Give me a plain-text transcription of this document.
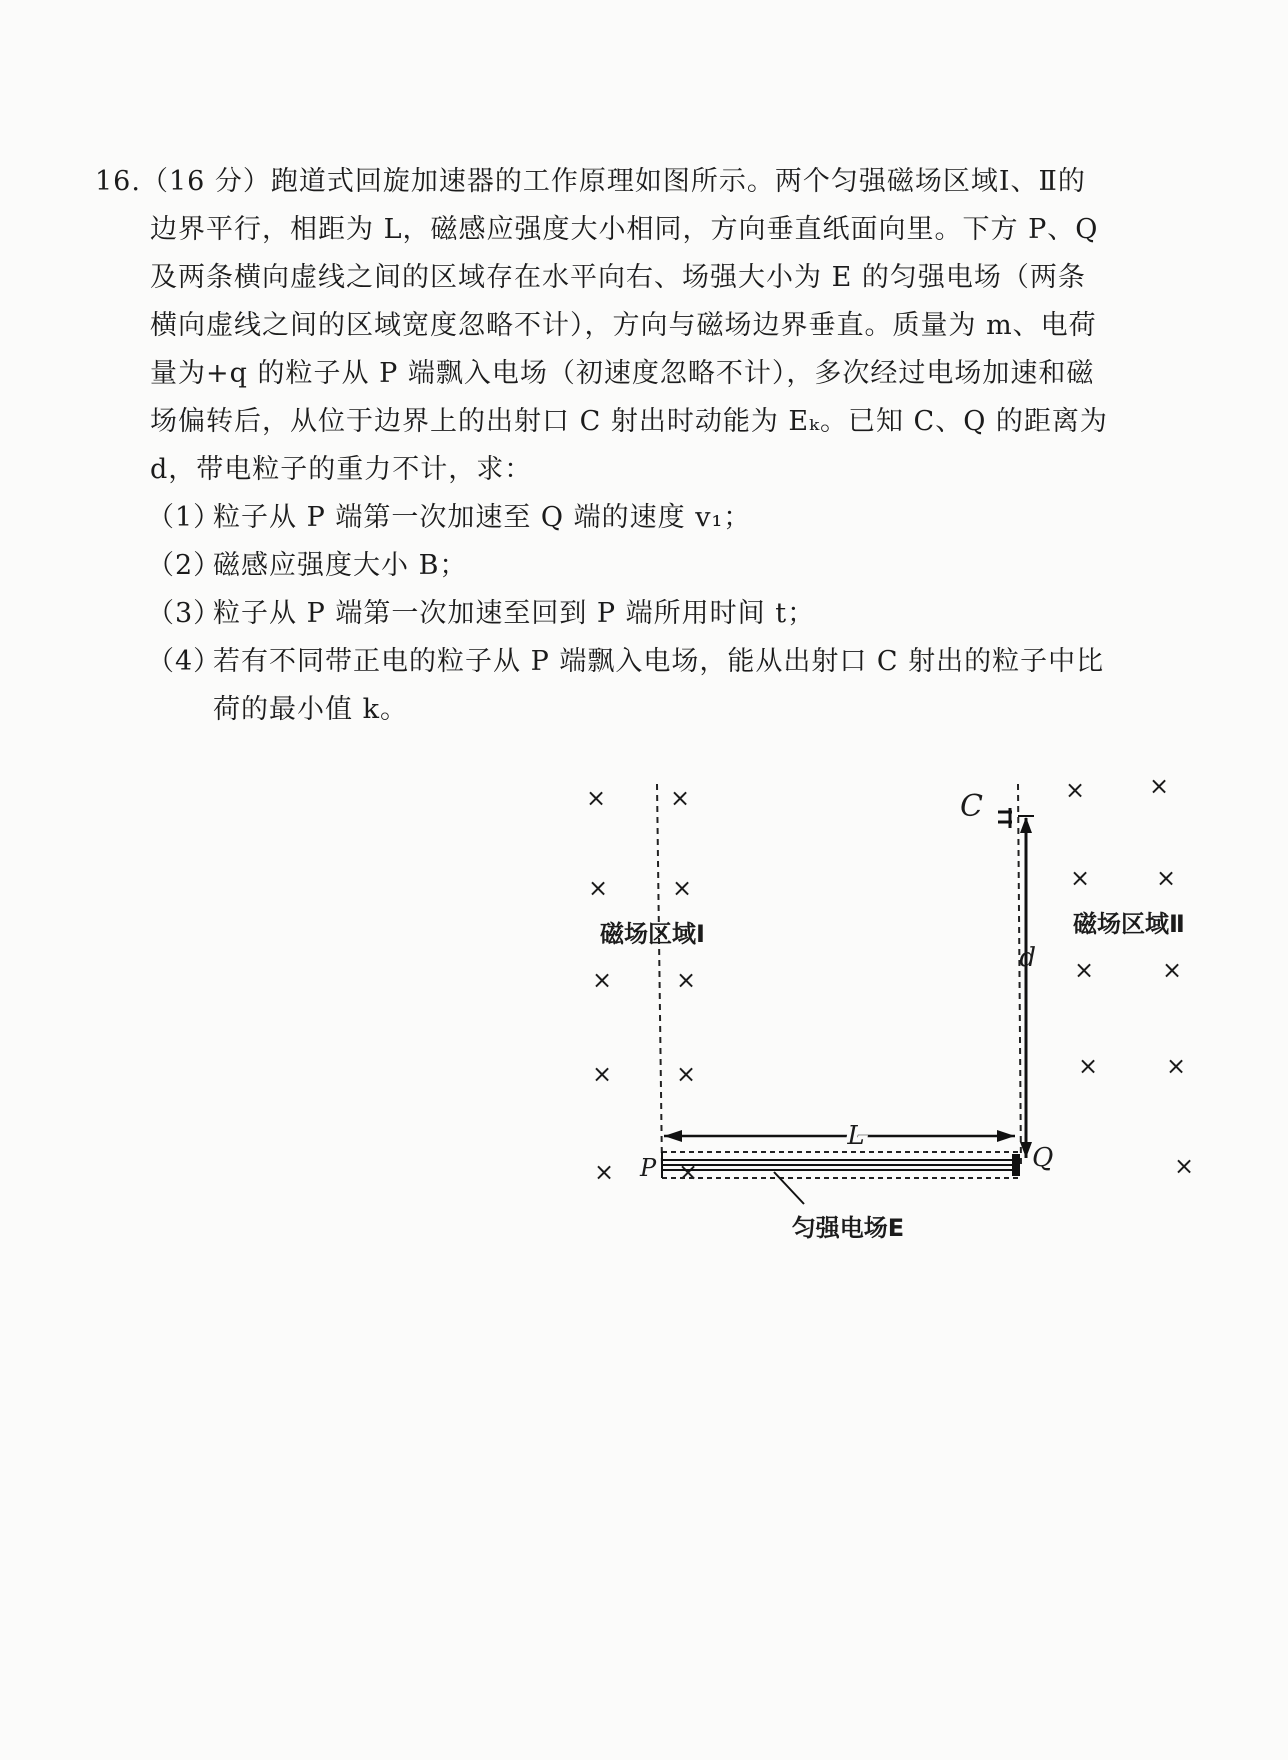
16.（16 分）跑道式回旋加速器的工作原理如图所示。两个匀强磁场区域Ⅰ、Ⅱ的
边界平行，相距为 L，磁感应强度大小相同，方向垂直纸面向里。下方 P、Q
及两条横向虚线之间的区域存在水平向右、场强大小为 E 的匀强电场（两条
横向虚线之间的区域宽度忽略不计），方向与磁场边界垂直。质量为 m、电荷
量为+q 的粒子从 P 端飘入电场（初速度忽略不计），多次经过电场加速和磁
场偏转后，从位于边界上的出射口 C 射出时动能为 Eₖ。已知 C、Q 的距离为
d，带电粒子的重力不计，求：
（1）粒子从 P 端第一次加速至 Q 端的速度 v₁；
（2）磁感应强度大小 B；
（3）粒子从 P 端第一次加速至回到 P 端所用时间 t；
（4）若有不同带正电的粒子从 P 端飘入电场，能从出射口 C 射出的粒子中比
荷的最小值 k。
×	×
×	×
×	×
×	×
×	×
×	×
×	×
×	×
×	×
×
磁场区域Ⅰ	磁场区域Ⅱ
C
d
L
P	Q
匀强电场E
